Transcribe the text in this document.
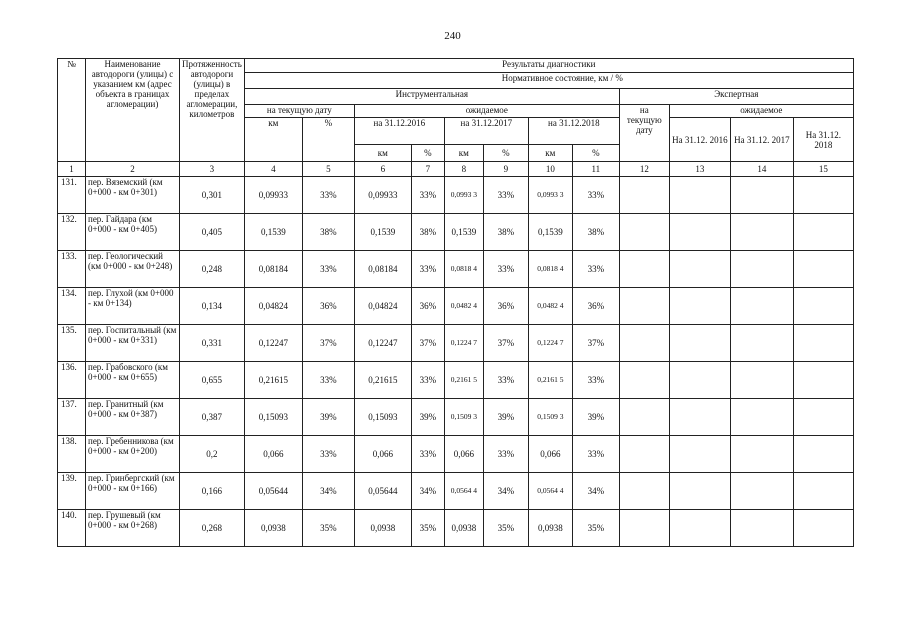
240
№	Наименование автодороги (улицы) с указанием км (адрес объекта в границах агломерации)	Протяженность автодороги (улицы) в пределах агломерации, километров	Результаты диагностики											
			Нормативное состояние, км / %											
			Инструментальная								Экспертная			
			на текущую дату		ожидаемое						на текущую дату	ожидаемое		
			км	%	на 31.12.2016		на 31.12.2017		на 31.12.2018			На 31.12. 2016	На 31.12. 2017	На 31.12. 2018
					км	%	км	%	км	%				
1	2	3	4	5	6	7	8	9	10	11	12	13	14	15
131.	пер. Вяземский (км 0+000 - км 0+301)	0,301	0,09933	33%	0,09933	33%	0,0993 3	33%	0,0993 3	33%				
132.	пер. Гайдара (км 0+000 - км 0+405)	0,405	0,1539	38%	0,1539	38%	0,1539	38%	0,1539	38%				
133.	пер. Геологический (км 0+000 - км 0+248)	0,248	0,08184	33%	0,08184	33%	0,0818 4	33%	0,0818 4	33%				
134.	пер. Глухой (км 0+000 - км 0+134)	0,134	0,04824	36%	0,04824	36%	0,0482 4	36%	0,0482 4	36%				
135.	пер. Госпитальный (км 0+000 - км 0+331)	0,331	0,12247	37%	0,12247	37%	0,1224 7	37%	0,1224 7	37%				
136.	пер. Грабовского (км 0+000 - км 0+655)	0,655	0,21615	33%	0,21615	33%	0,2161 5	33%	0,2161 5	33%				
137.	пер. Гранитный (км 0+000 - км 0+387)	0,387	0,15093	39%	0,15093	39%	0,1509 3	39%	0,1509 3	39%				
138.	пер. Гребенникова (км 0+000 - км 0+200)	0,2	0,066	33%	0,066	33%	0,066	33%	0,066	33%				
139.	пер. Гринбергский (км 0+000 - км 0+166)	0,166	0,05644	34%	0,05644	34%	0,0564 4	34%	0,0564 4	34%				
140.	пер. Грушевый (км 0+000 - км 0+268)	0,268	0,0938	35%	0,0938	35%	0,0938	35%	0,0938	35%				
